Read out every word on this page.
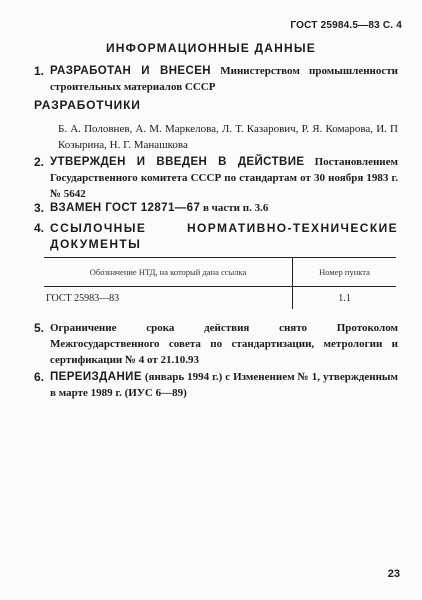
ГОСТ 25984.5—83 С. 4
ИНФОРМАЦИОННЫЕ ДАННЫЕ
1. РАЗРАБОТАН И ВНЕСЕН Министерством промышленности строительных материалов СССР
РАЗРАБОТЧИКИ
Б. А. Половнев, А. М. Маркелова, Л. Т. Казарович, Р. Я. Комарова, И. П Козырина, Н. Г. Манашкова
2. УТВЕРЖДЕН И ВВЕДЕН В ДЕЙСТВИЕ Постановлением Государственного комитета СССР по стандартам от 30 ноября 1983 г. № 5642
3. ВЗАМЕН ГОСТ 12871—67 в части п. 3.6
4. ССЫЛОЧНЫЕ НОРМАТИВНО-ТЕХНИЧЕСКИЕ ДОКУМЕНТЫ
Обозначение НТД, на который дана ссылка	Номер пункта
ГОСТ 25983—83	1.1
5. Ограничение срока действия снято Протоколом Межгосударственного совета по стандартизации, метрологии и сертификации № 4 от 21.10.93
6. ПЕРЕИЗДАНИЕ (январь 1994 г.) с Изменением № 1, утвержденным в марте 1989 г. (ИУС 6—89)
23
